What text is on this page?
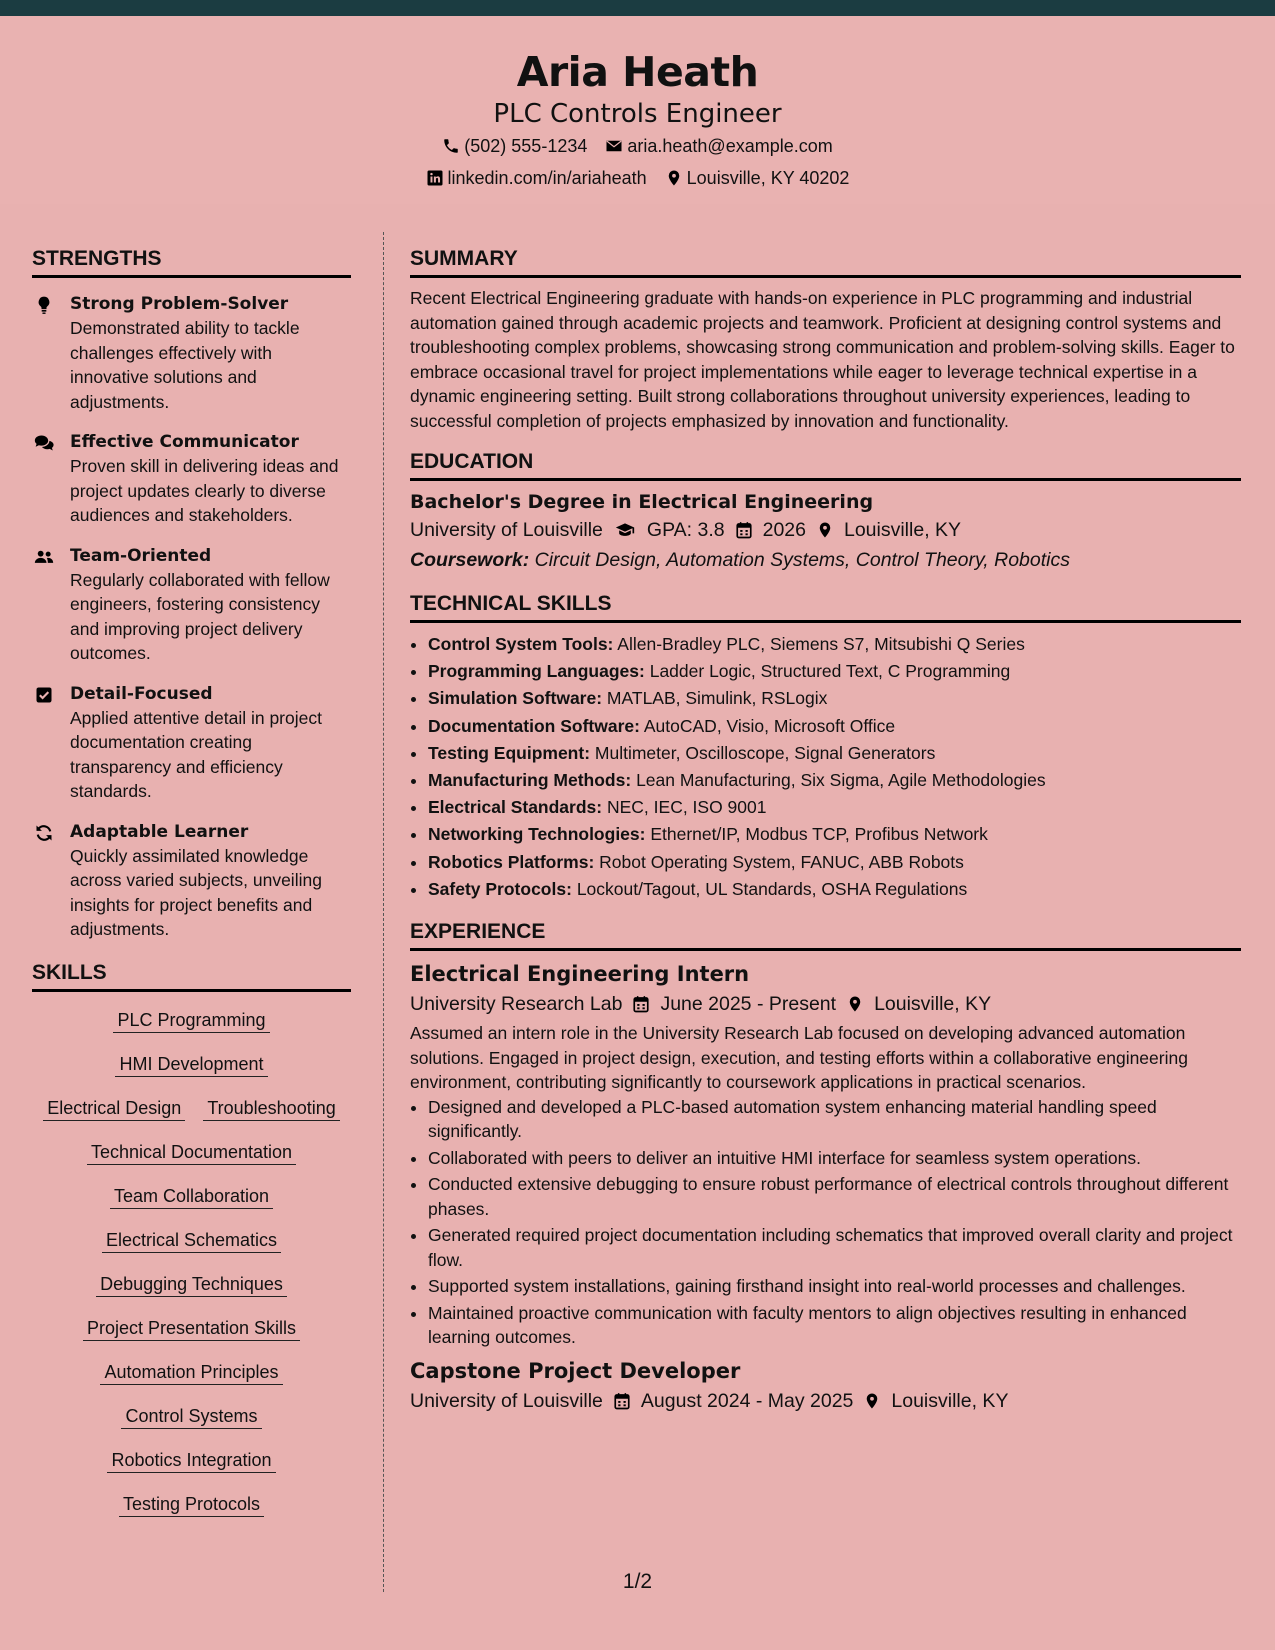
Aria Heath
PLC Controls Engineer
(502) 555-1234 aria.heath@example.com
linkedin.com/in/ariaheath Louisville, KY 40202
STRENGTHS
Strong Problem-Solver
Demonstrated ability to tackle challenges effectively with innovative solutions and adjustments.
Effective Communicator
Proven skill in delivering ideas and project updates clearly to diverse audiences and stakeholders.
Team-Oriented
Regularly collaborated with fellow engineers, fostering consistency and improving project delivery outcomes.
Detail-Focused
Applied attentive detail in project documentation creating transparency and efficiency standards.
Adaptable Learner
Quickly assimilated knowledge across varied subjects, unveiling insights for project benefits and adjustments.
SKILLS
PLC Programming
HMI Development
Electrical Design Troubleshooting
Technical Documentation
Team Collaboration
Electrical Schematics
Debugging Techniques
Project Presentation Skills
Automation Principles
Control Systems
Robotics Integration
Testing Protocols
SUMMARY
Recent Electrical Engineering graduate with hands-on experience in PLC programming and industrial automation gained through academic projects and teamwork. Proficient at designing control systems and troubleshooting complex problems, showcasing strong communication and problem-solving skills. Eager to embrace occasional travel for project implementations while eager to leverage technical expertise in a dynamic engineering setting. Built strong collaborations throughout university experiences, leading to successful completion of projects emphasized by innovation and functionality.
EDUCATION
Bachelor's Degree in Electrical Engineering
University of Louisville GPA: 3.8 2026 Louisville, KY
Coursework: Circuit Design, Automation Systems, Control Theory, Robotics
TECHNICAL SKILLS
• Control System Tools: Allen-Bradley PLC, Siemens S7, Mitsubishi Q Series
• Programming Languages: Ladder Logic, Structured Text, C Programming
• Simulation Software: MATLAB, Simulink, RSLogix
• Documentation Software: AutoCAD, Visio, Microsoft Office
• Testing Equipment: Multimeter, Oscilloscope, Signal Generators
• Manufacturing Methods: Lean Manufacturing, Six Sigma, Agile Methodologies
• Electrical Standards: NEC, IEC, ISO 9001
• Networking Technologies: Ethernet/IP, Modbus TCP, Profibus Network
• Robotics Platforms: Robot Operating System, FANUC, ABB Robots
• Safety Protocols: Lockout/Tagout, UL Standards, OSHA Regulations
EXPERIENCE
Electrical Engineering Intern
University Research Lab June 2025 - Present Louisville, KY
Assumed an intern role in the University Research Lab focused on developing advanced automation solutions. Engaged in project design, execution, and testing efforts within a collaborative engineering environment, contributing significantly to coursework applications in practical scenarios.
• Designed and developed a PLC-based automation system enhancing material handling speed significantly.
• Collaborated with peers to deliver an intuitive HMI interface for seamless system operations.
• Conducted extensive debugging to ensure robust performance of electrical controls throughout different phases.
• Generated required project documentation including schematics that improved overall clarity and project flow.
• Supported system installations, gaining firsthand insight into real-world processes and challenges.
• Maintained proactive communication with faculty mentors to align objectives resulting in enhanced learning outcomes.
Capstone Project Developer
University of Louisville August 2024 - May 2025 Louisville, KY
1/2
